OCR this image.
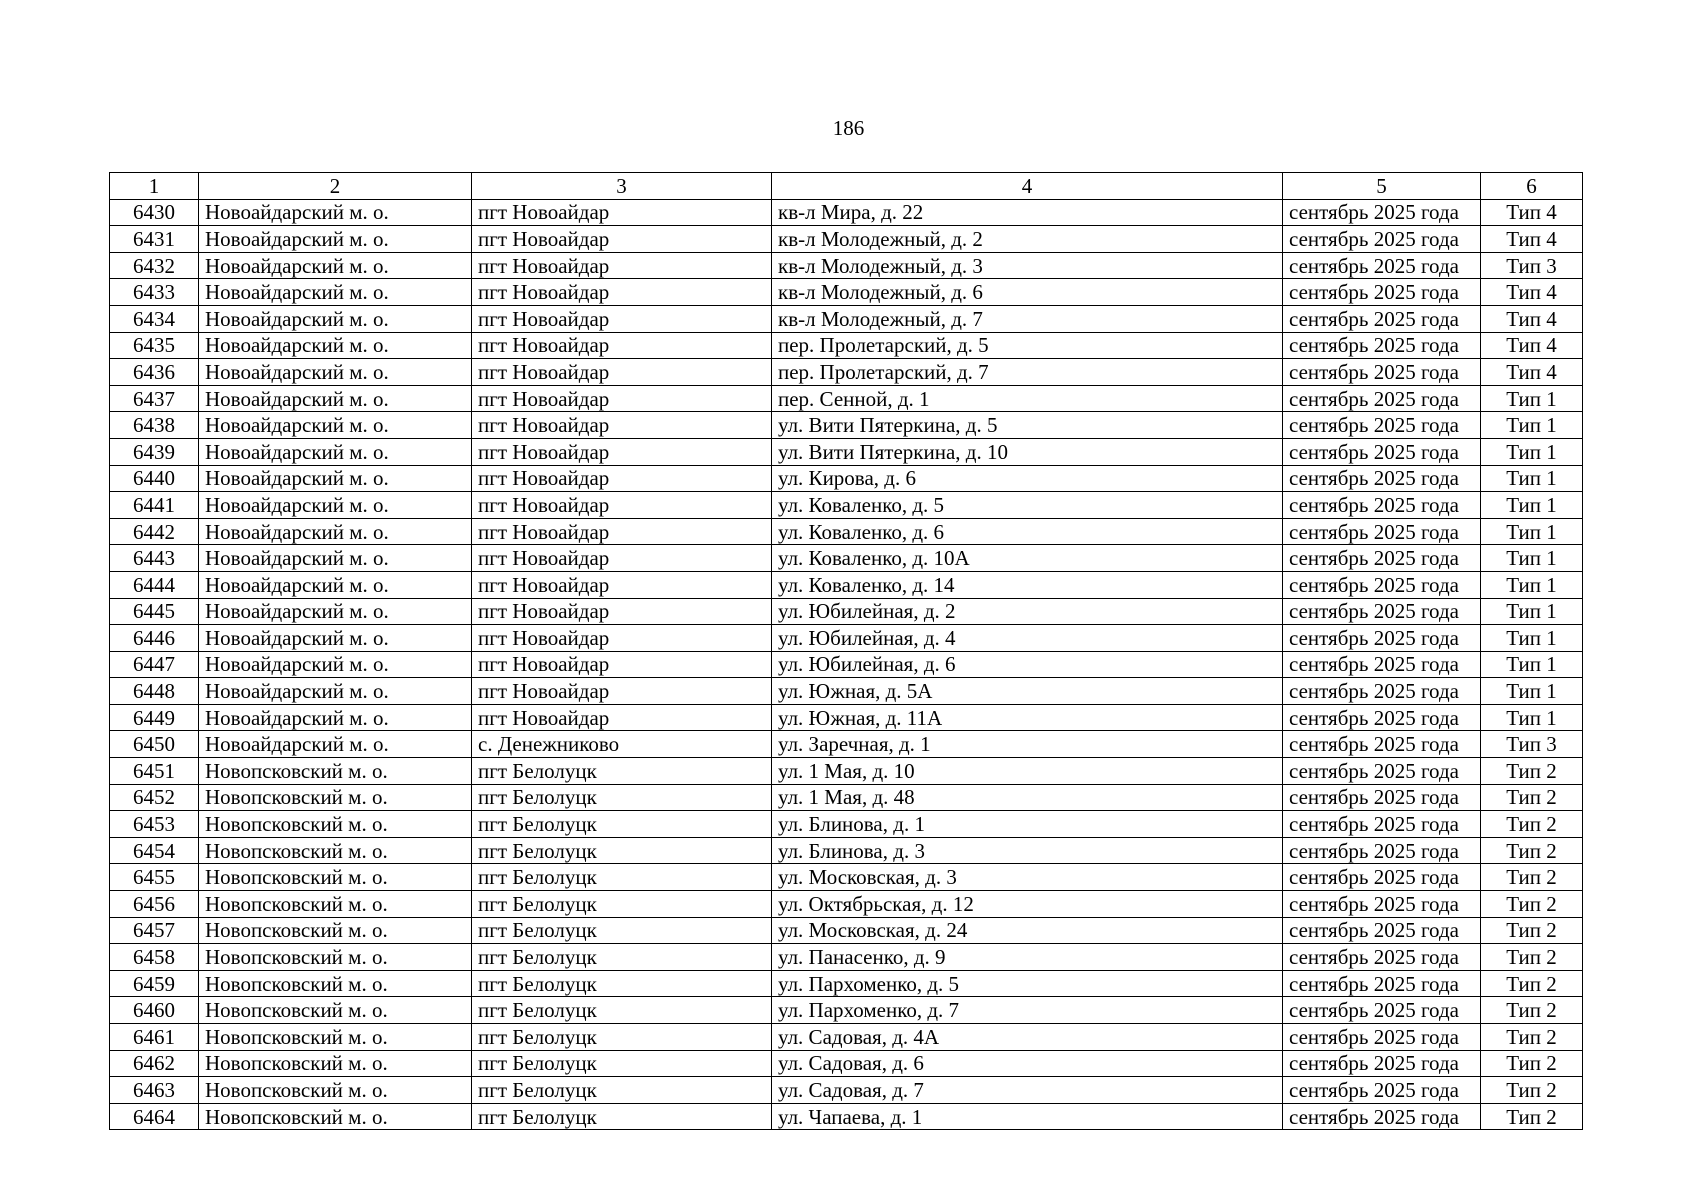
186
1	2	3	4	5	6
6430	Новоайдарский м. о.	пгт Новоайдар	кв-л Мира, д. 22	сентябрь 2025 года	Тип 4
6431	Новоайдарский м. о.	пгт Новоайдар	кв-л Молодежный, д. 2	сентябрь 2025 года	Тип 4
6432	Новоайдарский м. о.	пгт Новоайдар	кв-л Молодежный, д. 3	сентябрь 2025 года	Тип 3
6433	Новоайдарский м. о.	пгт Новоайдар	кв-л Молодежный, д. 6	сентябрь 2025 года	Тип 4
6434	Новоайдарский м. о.	пгт Новоайдар	кв-л Молодежный, д. 7	сентябрь 2025 года	Тип 4
6435	Новоайдарский м. о.	пгт Новоайдар	пер. Пролетарский, д. 5	сентябрь 2025 года	Тип 4
6436	Новоайдарский м. о.	пгт Новоайдар	пер. Пролетарский, д. 7	сентябрь 2025 года	Тип 4
6437	Новоайдарский м. о.	пгт Новоайдар	пер. Сенной, д. 1	сентябрь 2025 года	Тип 1
6438	Новоайдарский м. о.	пгт Новоайдар	ул. Вити Пятеркина, д. 5	сентябрь 2025 года	Тип 1
6439	Новоайдарский м. о.	пгт Новоайдар	ул. Вити Пятеркина, д. 10	сентябрь 2025 года	Тип 1
6440	Новоайдарский м. о.	пгт Новоайдар	ул. Кирова, д. 6	сентябрь 2025 года	Тип 1
6441	Новоайдарский м. о.	пгт Новоайдар	ул. Коваленко, д. 5	сентябрь 2025 года	Тип 1
6442	Новоайдарский м. о.	пгт Новоайдар	ул. Коваленко, д. 6	сентябрь 2025 года	Тип 1
6443	Новоайдарский м. о.	пгт Новоайдар	ул. Коваленко, д. 10А	сентябрь 2025 года	Тип 1
6444	Новоайдарский м. о.	пгт Новоайдар	ул. Коваленко, д. 14	сентябрь 2025 года	Тип 1
6445	Новоайдарский м. о.	пгт Новоайдар	ул. Юбилейная, д. 2	сентябрь 2025 года	Тип 1
6446	Новоайдарский м. о.	пгт Новоайдар	ул. Юбилейная, д. 4	сентябрь 2025 года	Тип 1
6447	Новоайдарский м. о.	пгт Новоайдар	ул. Юбилейная, д. 6	сентябрь 2025 года	Тип 1
6448	Новоайдарский м. о.	пгт Новоайдар	ул. Южная, д. 5А	сентябрь 2025 года	Тип 1
6449	Новоайдарский м. о.	пгт Новоайдар	ул. Южная, д. 11А	сентябрь 2025 года	Тип 1
6450	Новоайдарский м. о.	с. Денежниково	ул. Заречная, д. 1	сентябрь 2025 года	Тип 3
6451	Новопсковский м. о.	пгт Белолуцк	ул. 1 Мая, д. 10	сентябрь 2025 года	Тип 2
6452	Новопсковский м. о.	пгт Белолуцк	ул. 1 Мая, д. 48	сентябрь 2025 года	Тип 2
6453	Новопсковский м. о.	пгт Белолуцк	ул. Блинова, д. 1	сентябрь 2025 года	Тип 2
6454	Новопсковский м. о.	пгт Белолуцк	ул. Блинова, д. 3	сентябрь 2025 года	Тип 2
6455	Новопсковский м. о.	пгт Белолуцк	ул. Московская, д. 3	сентябрь 2025 года	Тип 2
6456	Новопсковский м. о.	пгт Белолуцк	ул. Октябрьская, д. 12	сентябрь 2025 года	Тип 2
6457	Новопсковский м. о.	пгт Белолуцк	ул. Московская, д. 24	сентябрь 2025 года	Тип 2
6458	Новопсковский м. о.	пгт Белолуцк	ул. Панасенко, д. 9	сентябрь 2025 года	Тип 2
6459	Новопсковский м. о.	пгт Белолуцк	ул. Пархоменко, д. 5	сентябрь 2025 года	Тип 2
6460	Новопсковский м. о.	пгт Белолуцк	ул. Пархоменко, д. 7	сентябрь 2025 года	Тип 2
6461	Новопсковский м. о.	пгт Белолуцк	ул. Садовая, д. 4А	сентябрь 2025 года	Тип 2
6462	Новопсковский м. о.	пгт Белолуцк	ул. Садовая, д. 6	сентябрь 2025 года	Тип 2
6463	Новопсковский м. о.	пгт Белолуцк	ул. Садовая, д. 7	сентябрь 2025 года	Тип 2
6464	Новопсковский м. о.	пгт Белолуцк	ул. Чапаева, д. 1	сентябрь 2025 года	Тип 2
